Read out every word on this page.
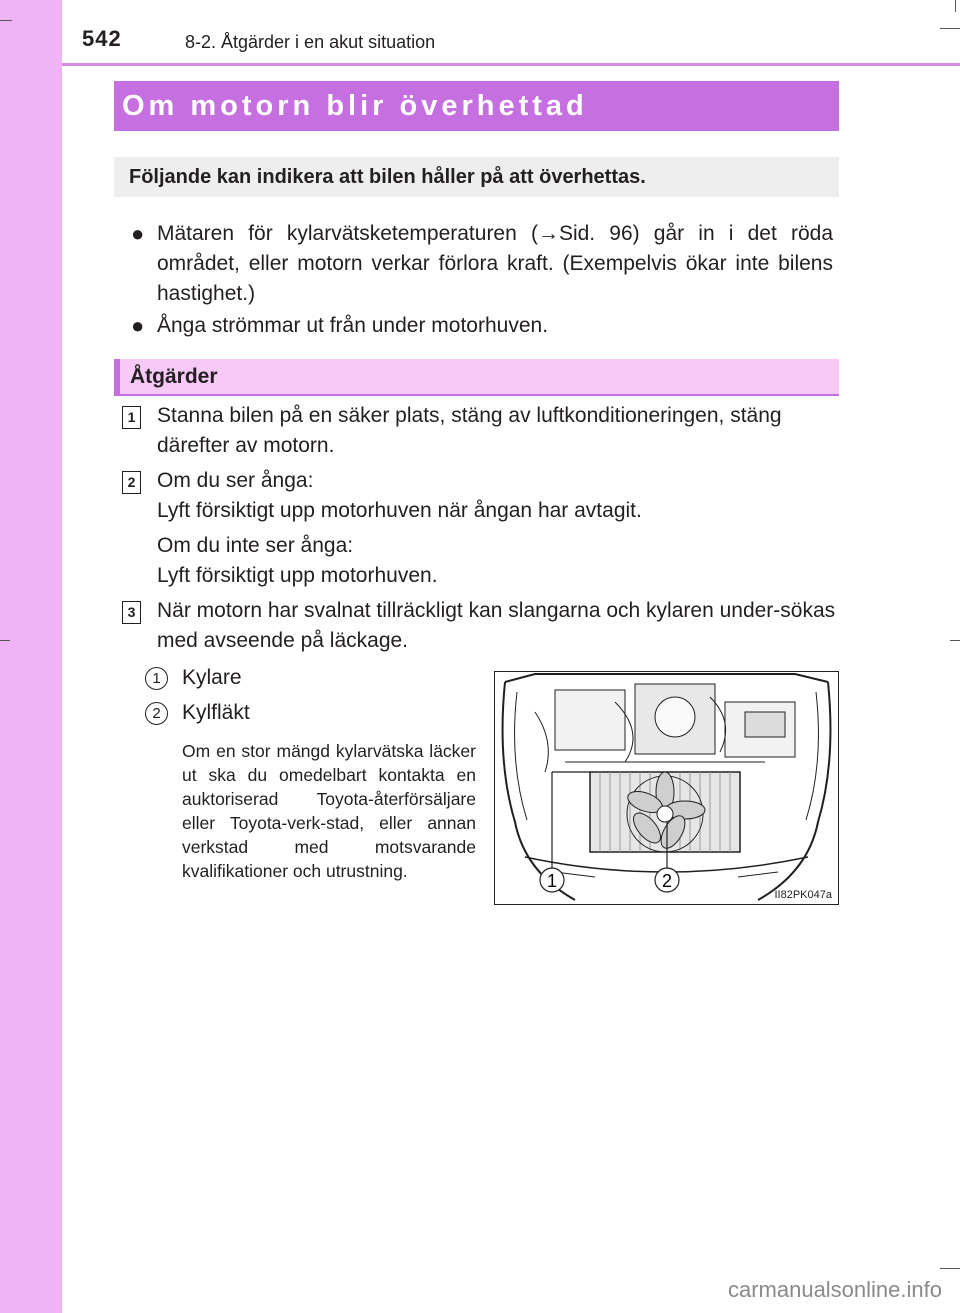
542	8-2. Åtgärder i en akut situation
Om motorn blir överhettad
Följande kan indikera att bilen håller på att överhettas.
● Mätaren för kylarvätsketemperaturen (→Sid. 96) går in i det röda området, eller motorn verkar förlora kraft. (Exempelvis ökar inte bilens hastighet.)
● Ånga strömmar ut från under motorhuven.
Åtgärder
1 Stanna bilen på en säker plats, stäng av luftkonditioneringen, stäng därefter av motorn.
2 Om du ser ånga:
Lyft försiktigt upp motorhuven när ångan har avtagit.
Om du inte ser ånga:
Lyft försiktigt upp motorhuven.
3 När motorn har svalnat tillräckligt kan slangarna och kylaren under-sökas med avseende på läckage.
1	Kylare
2	Kylfläkt
Om en stor mängd kylarvätska läcker ut ska du omedelbart kontakta en auktoriserad Toyota-återförsäljare eller Toyota-verk-stad, eller annan verkstad med motsvarande kvalifikationer och utrustning.	1	2
II82PK047a
carmanualsonline.info
